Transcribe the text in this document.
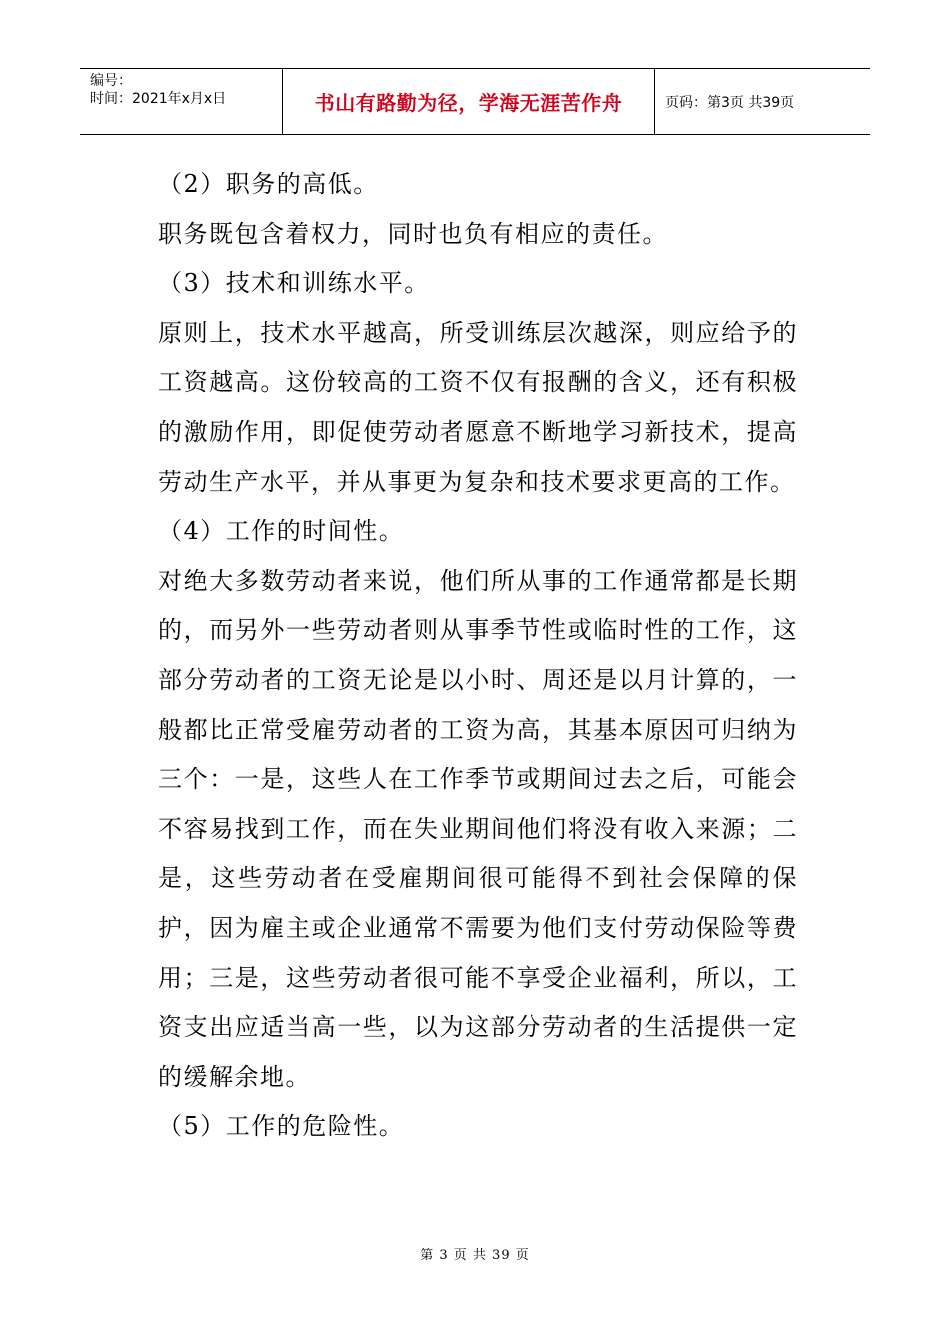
编号：
时间：2021年x月x日	书山有路勤为径，学海无涯苦作舟	页码：第3页 共39页

（2）职务的高低。

职务既包含着权力，同时也负有相应的责任。

（3）技术和训练水平。

原则上，技术水平越高，所受训练层次越深，则应给予的工资越高。这份较高的工资不仅有报酬的含义，还有积极的激励作用，即促使劳动者愿意不断地学习新技术，提高劳动生产水平，并从事更为复杂和技术要求更高的工作。

（4）工作的时间性。

对绝大多数劳动者来说，他们所从事的工作通常都是长期的，而另外一些劳动者则从事季节性或临时性的工作，这部分劳动者的工资无论是以小时、周还是以月计算的，一般都比正常受雇劳动者的工资为高，其基本原因可归纳为三个：一是，这些人在工作季节或期间过去之后，可能会不容易找到工作，而在失业期间他们将没有收入来源；二是，这些劳动者在受雇期间很可能得不到社会保障的保护，因为雇主或企业通常不需要为他们支付劳动保险等费用；三是，这些劳动者很可能不享受企业福利，所以，工资支出应适当高一些，以为这部分劳动者的生活提供一定的缓解余地。

（5）工作的危险性。

第 3 页 共 39 页
